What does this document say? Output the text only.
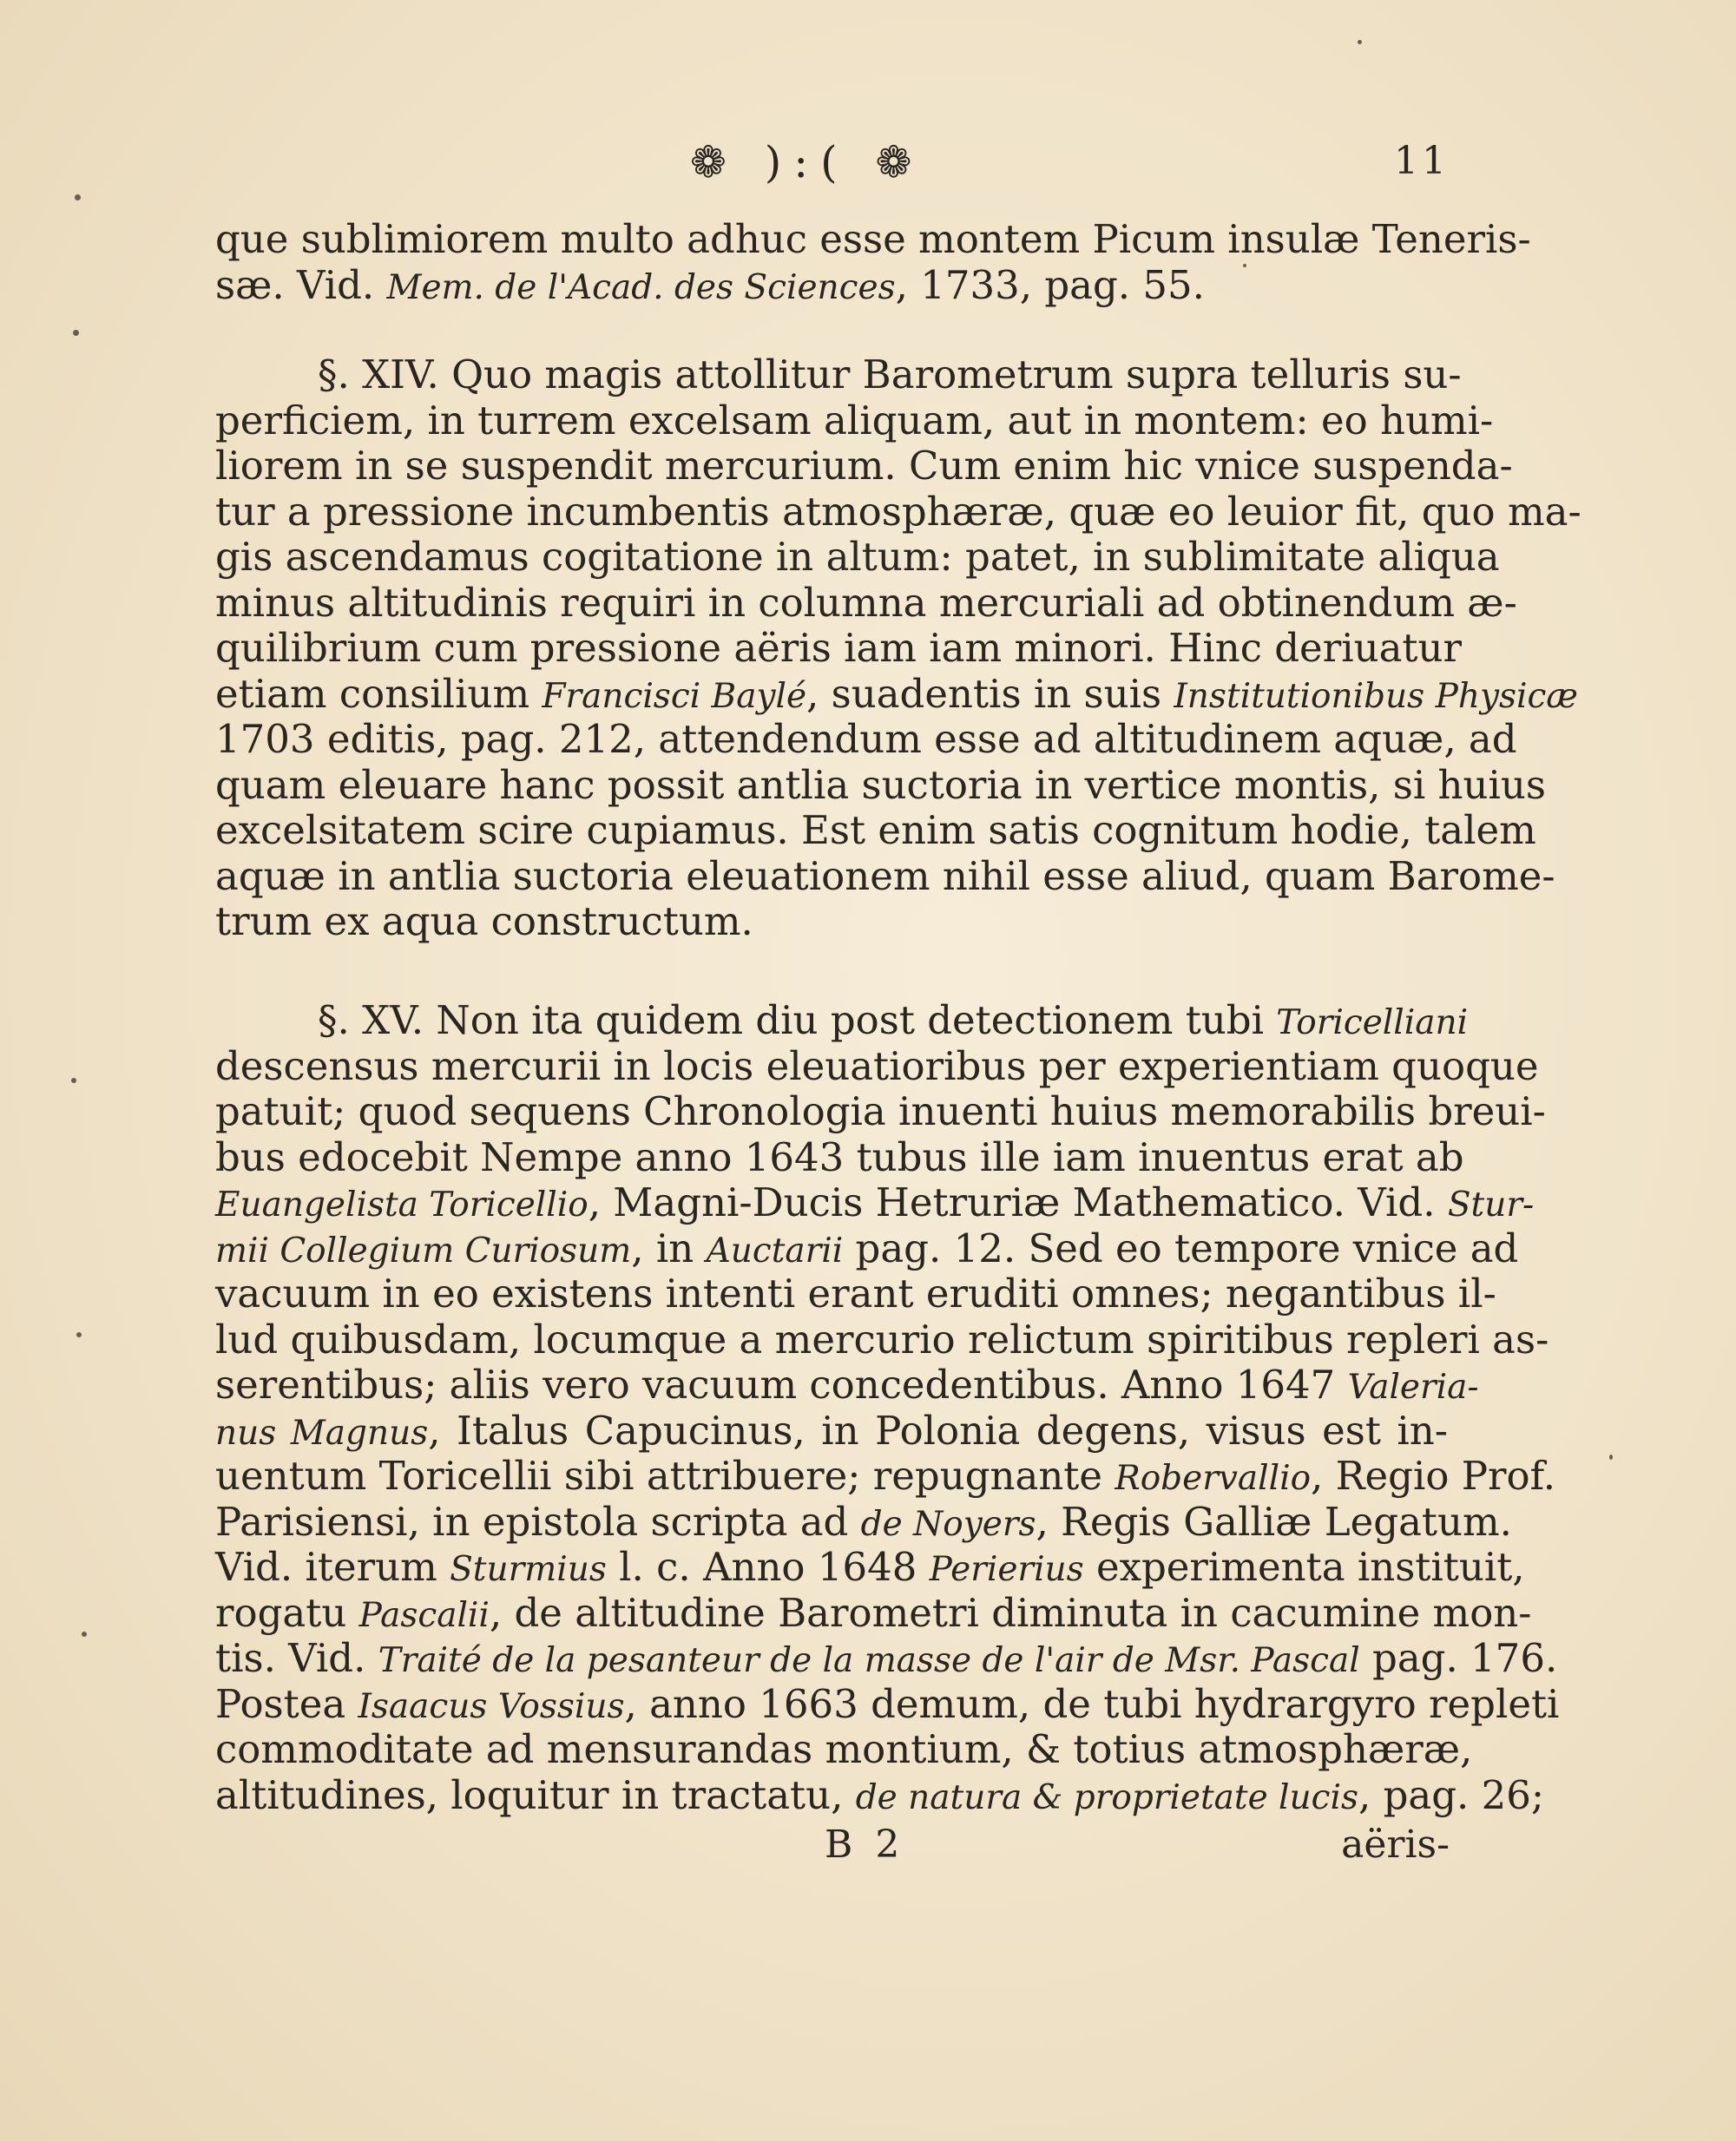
❁ ):( ❁	11
que sublimiorem multo adhuc esse montem Picum insulæ Teneris-
sæ. Vid. Mem. de l'Acad. des Sciences, 1733, pag. 55.
§. XIV. Quo magis attollitur Barometrum supra telluris su-
perficiem, in turrem excelsam aliquam, aut in montem: eo humi-
liorem in se suspendit mercurium. Cum enim hic vnice suspenda-
tur a pressione incumbentis atmosphæræ, quæ eo leuior fit, quo ma-
gis ascendamus cogitatione in altum: patet, in sublimitate aliqua
minus altitudinis requiri in columna mercuriali ad obtinendum æ-
quilibrium cum pressione aëris iam iam minori. Hinc deriuatur
etiam consilium Francisci Baylé, suadentis in suis Institutionibus Physicæ
1703 editis, pag. 212, attendendum esse ad altitudinem aquæ, ad
quam eleuare hanc possit antlia suctoria in vertice montis, si huius
excelsitatem scire cupiamus. Est enim satis cognitum hodie, talem
aquæ in antlia suctoria eleuationem nihil esse aliud, quam Barome-
trum ex aqua constructum.
§. XV. Non ita quidem diu post detectionem tubi Toricelliani
descensus mercurii in locis eleuatioribus per experientiam quoque
patuit; quod sequens Chronologia inuenti huius memorabilis breui-
bus edocebit Nempe anno 1643 tubus ille iam inuentus erat ab
Euangelista Toricellio, Magni-Ducis Hetruriæ Mathematico. Vid. Stur-
mii Collegium Curiosum, in Auctarii pag. 12. Sed eo tempore vnice ad
vacuum in eo existens intenti erant eruditi omnes; negantibus il-
lud quibusdam, locumque a mercurio relictum spiritibus repleri as-
serentibus; aliis vero vacuum concedentibus. Anno 1647 Valeria-
nus Magnus, Italus Capucinus, in Polonia degens, visus est in-
uentum Toricellii sibi attribuere; repugnante Robervallio, Regio Prof.
Parisiensi, in epistola scripta ad de Noyers, Regis Galliæ Legatum.
Vid. iterum Sturmius l. c. Anno 1648 Perierius experimenta instituit,
rogatu Pascalii, de altitudine Barometri diminuta in cacumine mon-
tis. Vid. Traité de la pesanteur de la masse de l'air de Msr. Pascal pag. 176.
Postea Isaacus Vossius, anno 1663 demum, de tubi hydrargyro repleti
commoditate ad mensurandas montium, & totius atmosphæræ,
altitudines, loquitur in tractatu, de natura & proprietate lucis, pag. 26;
B 2	aëris-
